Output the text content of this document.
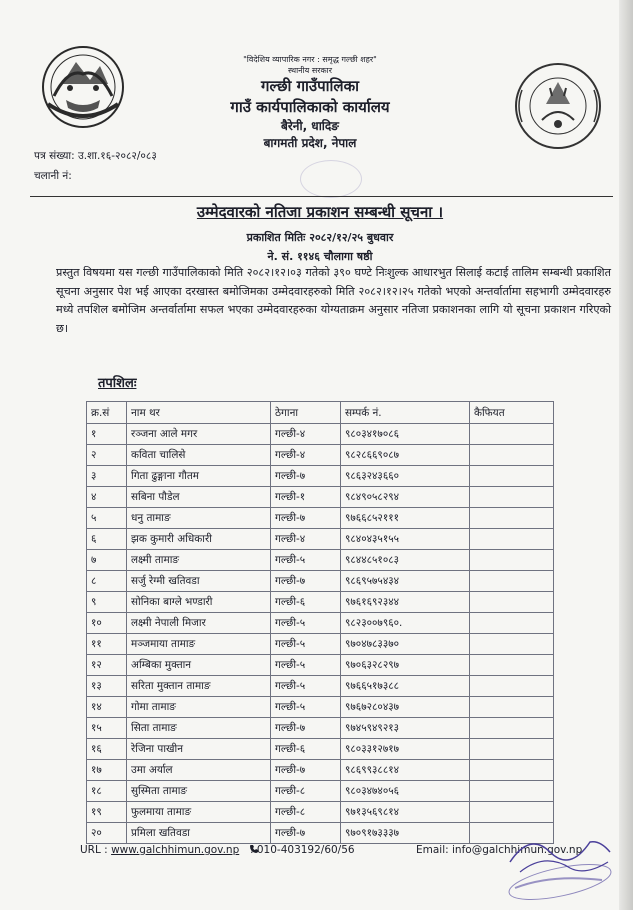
"विदेशिय व्यापारिक नगर : समृद्ध गल्छी शहर"
स्थानीय सरकार
गल्छी गाउँपालिका
गाउँ कार्यपालिकाको कार्यालय
बैरेनी, धादिङ
बागमती प्रदेश, नेपाल
पत्र संख्या: उ.शा.१६-२०८२/०८३
चलानी नं:
उम्मेदवारको नतिजा प्रकाशन सम्बन्धी सूचना ।
प्रकाशित मितिः २०८२/१२/२५ बुधवार
ने. सं. ११४६ चौलागा षष्ठी
प्रस्तुत विषयमा यस गल्छी गाउँपालिकाको मिति २०८२।१२।०३ गतेको ३९० घण्टे निःशुल्क आधारभुत सिलाई कटाई तालिम सम्बन्धी प्रकाशित सूचना अनुसार पेश भई आएका दरखास्त बमोजिमका उम्मेदवारहरुको मिति २०८२।१२।२५ गतेको भएको अन्तर्वार्तामा सहभागी उम्मेदवारहरु मध्ये तपशिल बमोजिम अन्तर्वार्तामा सफल भएका उम्मेदवारहरुका योग्यताक्रम अनुसार नतिजा प्रकाशनका लागि यो सूचना प्रकाशन गरिएको छ।
तपशिलः
क्र.सं	नाम थर	ठेगाना	सम्पर्क नं.	कैफियत
१	रञ्जना आले मगर	गल्छी-४	९८०३४१७०८६	
२	कविता चालिसे	गल्छी-४	९८२८६६९०८७	
३	गिता ढुङ्गाना गौतम	गल्छी-७	९८६३२४३६६०	
४	सबिना पौडेल	गल्छी-१	९८४९०५८२९४	
५	धनु तामाङ	गल्छी-७	९७६६८५२१११	
६	झक कुमारी अधिकारी	गल्छी-४	९८४०४३५१५५	
७	लक्ष्मी तामाङ	गल्छी-५	९८४४८५१०८३	
८	सर्जु रेग्मी खतिवडा	गल्छी-७	९८६९५७५४३४	
९	सोनिका बाग्ले भण्डारी	गल्छी-६	९७६१६९२३४४	
१०	लक्ष्मी नेपाली मिजार	गल्छी-५	९८२३००७९६०.	
११	मञ्जमाया तामाङ	गल्छी-५	९७०४७८३३७०	
१२	अम्बिका मुक्तान	गल्छी-५	९७०६३२८२९७	
१३	सरिता मुक्तान तामाङ	गल्छी-५	९७६६५१७३८८	
१४	गोमा तामाङ	गल्छी-५	९७६७२८०४३७	
१५	सिता तामाङ	गल्छी-७	९७४५९४९२१३	
१६	रेजिना पाखीन	गल्छी-६	९८०३३१२७१७	
१७	उमा अर्याल	गल्छी-७	९८६९९३८८१४	
१८	सुस्मिता तामाङ	गल्छी-८	९८०३४७४०५६	
१९	फुलमाया तामाङ	गल्छी-८	९७१३५६९८१४	
२०	प्रमिला खतिवडा	गल्छी-७	९७०९१७३३३७	
URL : www.galchhimun.gov.np	: 010-403192/60/56	Email: info@galchhimun.gov.np
